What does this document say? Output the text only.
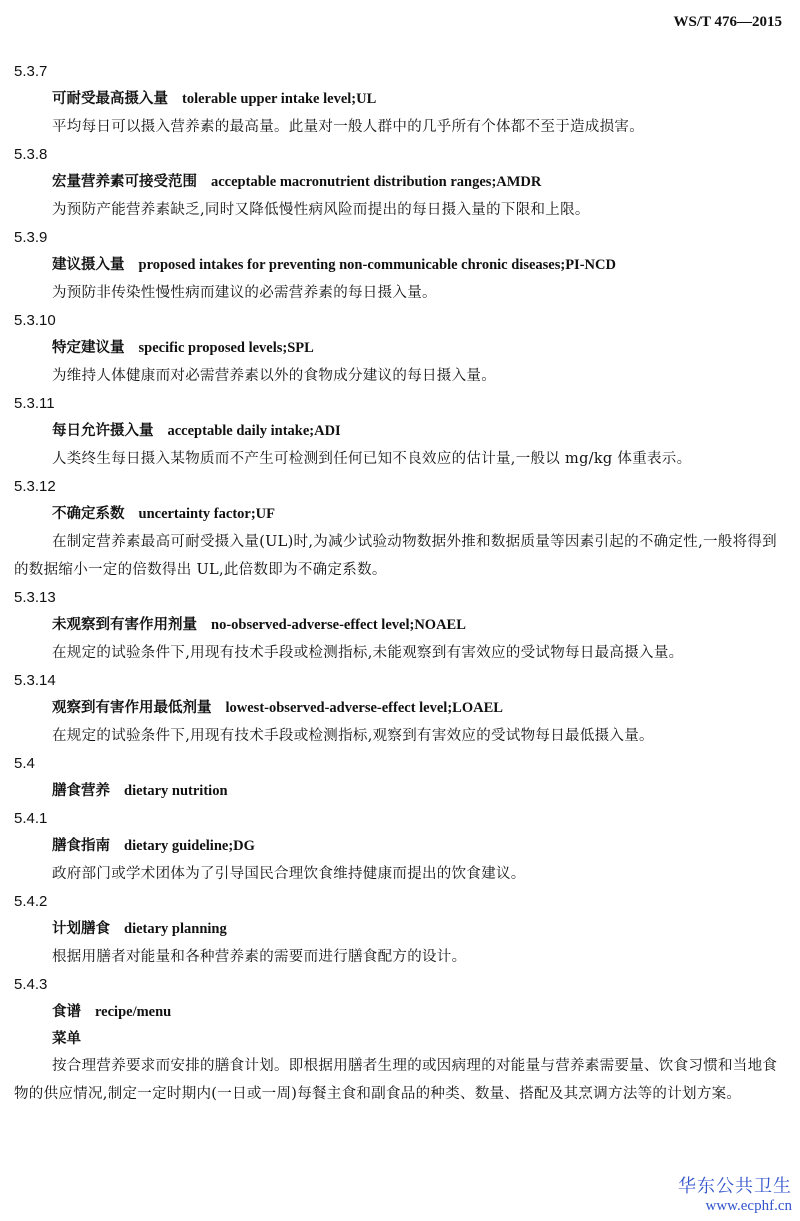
WS/T 476—2015
5.3.7
可耐受最高摄入量 tolerable upper intake level;UL
平均每日可以摄入营养素的最高量。此量对一般人群中的几乎所有个体都不至于造成损害。
5.3.8
宏量营养素可接受范围 acceptable macronutrient distribution ranges;AMDR
为预防产能营养素缺乏,同时又降低慢性病风险而提出的每日摄入量的下限和上限。
5.3.9
建议摄入量 proposed intakes for preventing non-communicable chronic diseases;PI-NCD
为预防非传染性慢性病而建议的必需营养素的每日摄入量。
5.3.10
特定建议量 specific proposed levels;SPL
为维持人体健康而对必需营养素以外的食物成分建议的每日摄入量。
5.3.11
每日允许摄入量 acceptable daily intake;ADI
人类终生每日摄入某物质而不产生可检测到任何已知不良效应的估计量,一般以 mg/kg 体重表示。
5.3.12
不确定系数 uncertainty factor;UF
在制定营养素最高可耐受摄入量(UL)时,为减少试验动物数据外推和数据质量等因素引起的不确定性,一般将得到的数据缩小一定的倍数得出 UL,此倍数即为不确定系数。
5.3.13
未观察到有害作用剂量 no-observed-adverse-effect level;NOAEL
在规定的试验条件下,用现有技术手段或检测指标,未能观察到有害效应的受试物每日最高摄入量。
5.3.14
观察到有害作用最低剂量 lowest-observed-adverse-effect level;LOAEL
在规定的试验条件下,用现有技术手段或检测指标,观察到有害效应的受试物每日最低摄入量。
5.4
膳食营养 dietary nutrition
5.4.1
膳食指南 dietary guideline;DG
政府部门或学术团体为了引导国民合理饮食维持健康而提出的饮食建议。
5.4.2
计划膳食 dietary planning
根据用膳者对能量和各种营养素的需要而进行膳食配方的设计。
5.4.3
食谱 recipe/menu
菜单
按合理营养要求而安排的膳食计划。即根据用膳者生理的或因病理的对能量与营养素需要量、饮食习惯和当地食物的供应情况,制定一定时期内(一日或一周)每餐主食和副食品的种类、数量、搭配及其烹调方法等的计划方案。
华东公共卫生
www.ecphf.cn
